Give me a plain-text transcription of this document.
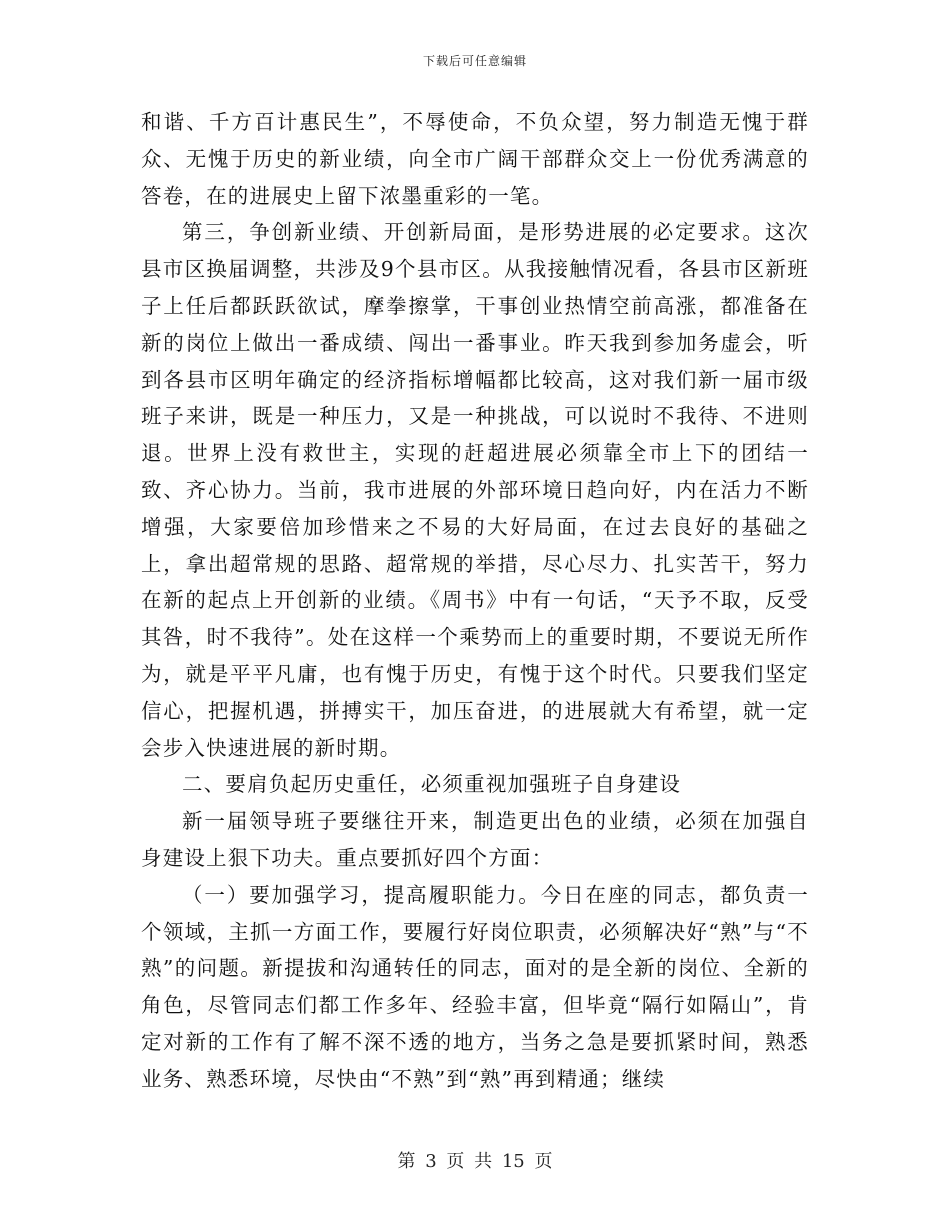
下载后可任意编辑

和谐、千方百计惠民生”，不辱使命，不负众望，努力制造无愧于群众、无愧于历史的新业绩，向全市广阔干部群众交上一份优秀满意的答卷，在的进展史上留下浓墨重彩的一笔。

第三，争创新业绩、开创新局面，是形势进展的必定要求。这次县市区换届调整，共涉及9个县市区。从我接触情况看，各县市区新班子上任后都跃跃欲试，摩拳擦掌，干事创业热情空前高涨，都准备在新的岗位上做出一番成绩、闯出一番事业。昨天我到参加务虚会，听到各县市区明年确定的经济指标增幅都比较高，这对我们新一届市级班子来讲，既是一种压力，又是一种挑战，可以说时不我待、不进则退。世界上没有救世主，实现的赶超进展必须靠全市上下的团结一致、齐心协力。当前，我市进展的外部环境日趋向好，内在活力不断增强，大家要倍加珍惜来之不易的大好局面，在过去良好的基础之上，拿出超常规的思路、超常规的举措，尽心尽力、扎实苦干，努力在新的起点上开创新的业绩。《周书》中有一句话，“天予不取，反受其咎，时不我待”。处在这样一个乘势而上的重要时期，不要说无所作为，就是平平凡庸，也有愧于历史，有愧于这个时代。只要我们坚定信心，把握机遇，拼搏实干，加压奋进，的进展就大有希望，就一定会步入快速进展的新时期。

二、要肩负起历史重任，必须重视加强班子自身建设

新一届领导班子要继往开来，制造更出色的业绩，必须在加强自身建设上狠下功夫。重点要抓好四个方面：

（一）要加强学习，提高履职能力。今日在座的同志，都负责一个领域，主抓一方面工作，要履行好岗位职责，必须解决好“熟”与“不熟”的问题。新提拔和沟通转任的同志，面对的是全新的岗位、全新的角色，尽管同志们都工作多年、经验丰富，但毕竟“隔行如隔山”，肯定对新的工作有了解不深不透的地方，当务之急是要抓紧时间，熟悉业务、熟悉环境，尽快由“不熟”到“熟”再到精通；继续

第 3 页 共 15 页
